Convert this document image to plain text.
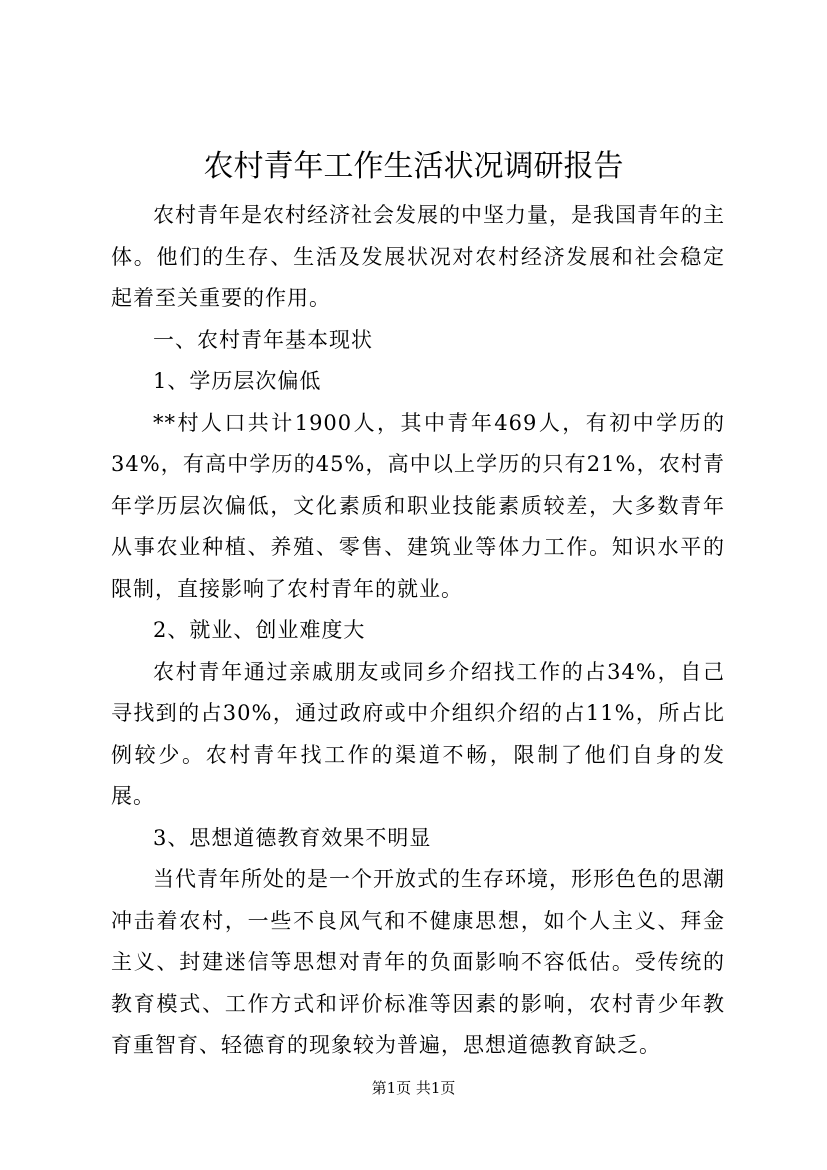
农村青年工作生活状况调研报告

农村青年是农村经济社会发展的中坚力量，是我国青年的主体。他们的生存、生活及发展状况对农村经济发展和社会稳定起着至关重要的作用。

一、农村青年基本现状

1、学历层次偏低

**村人口共计1900人，其中青年469人，有初中学历的34%，有高中学历的45%，高中以上学历的只有21%，农村青年学历层次偏低，文化素质和职业技能素质较差，大多数青年从事农业种植、养殖、零售、建筑业等体力工作。知识水平的限制，直接影响了农村青年的就业。

2、就业、创业难度大

农村青年通过亲戚朋友或同乡介绍找工作的占34%，自己寻找到的占30%，通过政府或中介组织介绍的占11%，所占比例较少。农村青年找工作的渠道不畅，限制了他们自身的发展。

3、思想道德教育效果不明显

当代青年所处的是一个开放式的生存环境，形形色色的思潮冲击着农村，一些不良风气和不健康思想，如个人主义、拜金主义、封建迷信等思想对青年的负面影响不容低估。受传统的教育模式、工作方式和评价标准等因素的影响，农村青少年教育重智育、轻德育的现象较为普遍，思想道德教育缺乏。

第1页 共1页
